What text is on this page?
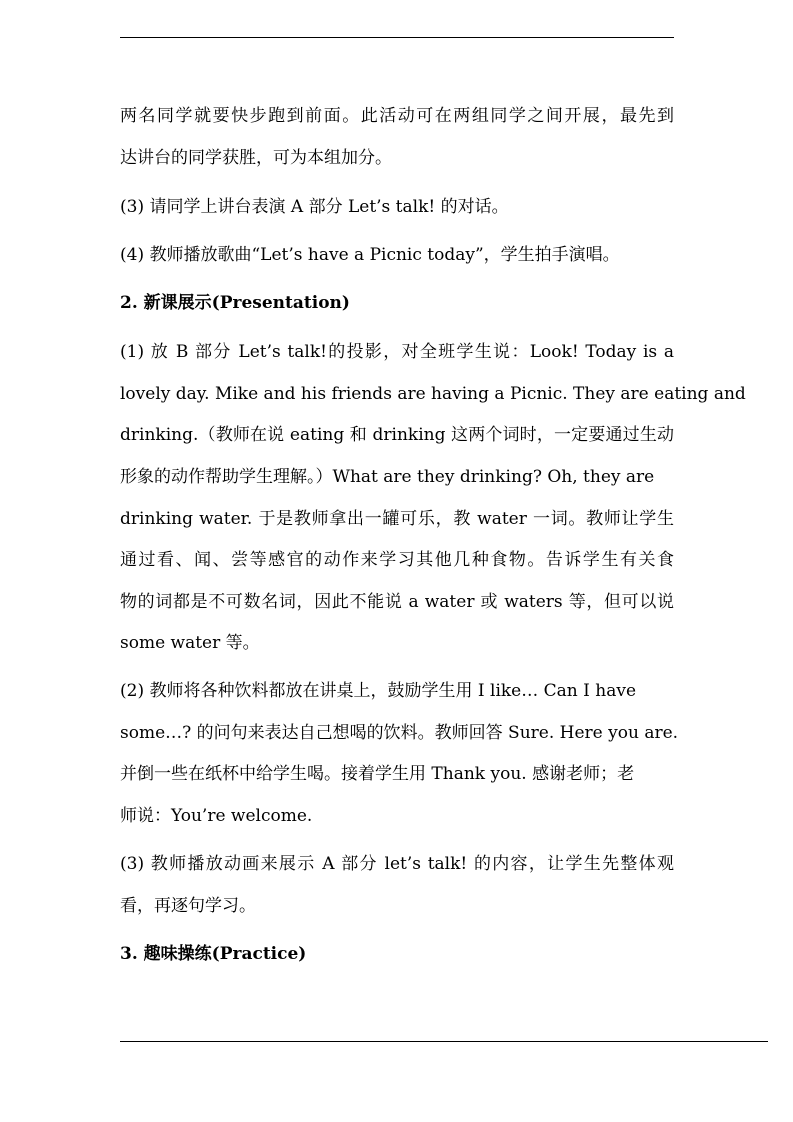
两名同学就要快步跑到前面。此活动可在两组同学之间开展，最先到
达讲台的同学获胜，可为本组加分。
(3) 请同学上讲台表演 A 部分 Let’s talk! 的对话。
(4) 教师播放歌曲“Let’s have a Picnic today”，学生拍手演唱。
2. 新课展示(Presentation)
(1) 放 B 部分 Let’s talk!的投影，对全班学生说：Look! Today is a
lovely day. Mike and his friends are having a Picnic. They are eating and
drinking.（教师在说 eating 和 drinking 这两个词时，一定要通过生动
形象的动作帮助学生理解。）What are they drinking? Oh, they are
drinking water. 于是教师拿出一罐可乐，教 water 一词。教师让学生
通过看、闻、尝等感官的动作来学习其他几种食物。告诉学生有关食
物的词都是不可数名词，因此不能说 a water 或 waters 等，但可以说
some water 等。
(2) 教师将各种饮料都放在讲桌上，鼓励学生用 I like… Can I have
some…? 的问句来表达自己想喝的饮料。教师回答 Sure. Here you are.
并倒一些在纸杯中给学生喝。接着学生用 Thank you. 感谢老师；老
师说：You’re welcome.
(3) 教师播放动画来展示 A 部分 let’s talk! 的内容，让学生先整体观
看，再逐句学习。
3. 趣味操练(Practice)
